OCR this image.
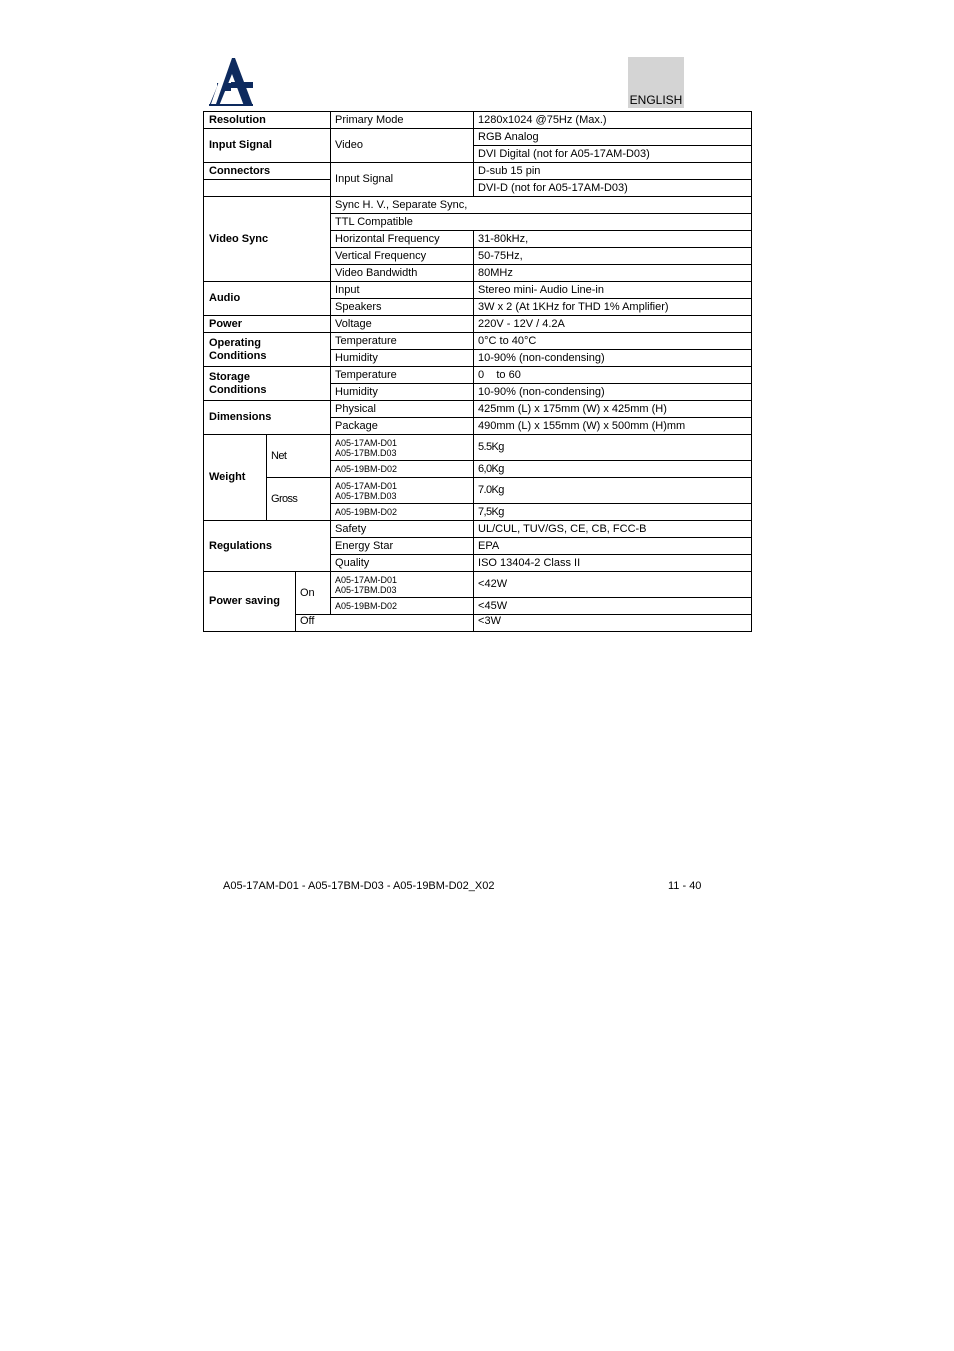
ENGLISH
Resolution			Primary Mode	1280x1024 @75Hz (Max.)
Input Signal			Video	RGB Analog
				DVI Digital (not for A05-17AM-D03)
Connectors			Input Signal	D-sub 15 pin
				DVI-D (not for A05-17AM-D03)
Video Sync			Sync H. V., Separate Sync,	
			TTL Compatible	
			Horizontal Frequency	31-80kHz,
			Vertical Frequency	50-75Hz,
			Video Bandwidth	80MHz
Audio			Input	Stereo mini- Audio Line-in
			Speakers	3W x 2 (At 1KHz for THD 1% Amplifier)
Power			Voltage	220V - 12V / 4.2A

Operating
Conditions			Temperature	0°C to 40°C
			Humidity	10-90% (non-condensing)

Storage
Conditions			Temperature	0    to 60
			Humidity	10-90% (non-condensing)
Dimensions			Physical	425mm (L) x 175mm (W) x 425mm (H)
			Package	490mm (L) x 155mm (W) x 500mm (H)mm
Weight	Net		A05-17AM-D01
A05-17BM.D03	5.5Kg

			A05-19BM-D02	6,0Kg
	Gross		A05-17AM-D01
A05-17BM.D03	7.0Kg

			A05-19BM-D02	7,5Kg
Regulations			Safety	UL/CUL, TUV/GS, CE, CB, FCC-B
			Energy Star	EPA
			Quality	ISO 13404-2 Class II
Power saving		On	A05-17AM-D01
A05-17BM.D03	<42W

			A05-19BM-D02	<45W
		Off		<3W
A05-17AM-D01 - A05-17BM-D03 - A05-19BM-D02_X02	11 - 40
